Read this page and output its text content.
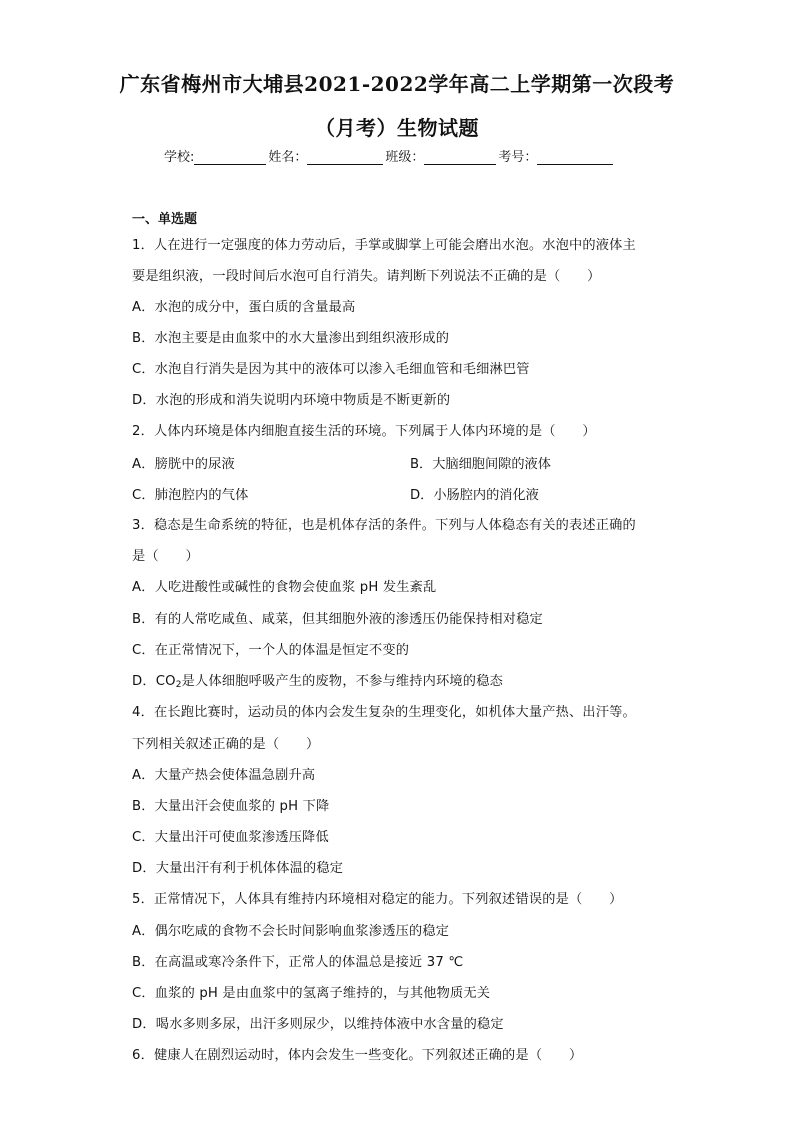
广东省梅州市大埔县2021-2022学年高二上学期第一次段考
（月考）生物试题
学校:	姓名：	班级：	考号：
一、单选题
1．人在进行一定强度的体力劳动后，手掌或脚掌上可能会磨出水泡。水泡中的液体主
要是组织液，一段时间后水泡可自行消失。请判断下列说法不正确的是（　　）
A．水泡的成分中，蛋白质的含量最高
B．水泡主要是由血浆中的水大量渗出到组织液形成的
C．水泡自行消失是因为其中的液体可以渗入毛细血管和毛细淋巴管
D．水泡的形成和消失说明内环境中物质是不断更新的
2．人体内环境是体内细胞直接生活的环境。下列属于人体内环境的是（　　）
A．膀胱中的尿液	B．大脑细胞间隙的液体
C．肺泡腔内的气体	D．小肠腔内的消化液
3．稳态是生命系统的特征，也是机体存活的条件。下列与人体稳态有关的表述正确的
是（　　）
A．人吃进酸性或碱性的食物会使血浆 pH 发生紊乱
B．有的人常吃咸鱼、咸菜，但其细胞外液的渗透压仍能保持相对稳定
C．在正常情况下，一个人的体温是恒定不变的
D．$CO_2$是人体细胞呼吸产生的废物，不参与维持内环境的稳态
4．在长跑比赛时，运动员的体内会发生复杂的生理变化，如机体大量产热、出汗等。
下列相关叙述正确的是（　　）
A．大量产热会使体温急剧升高
B．大量出汗会使血浆的 pH 下降
C．大量出汗可使血浆渗透压降低
D．大量出汗有利于机体体温的稳定
5．正常情况下，人体具有维持内环境相对稳定的能力。下列叙述错误的是（　　）
A．偶尔吃咸的食物不会长时间影响血浆渗透压的稳定
B．在高温或寒冷条件下，正常人的体温总是接近 37 ℃
C．血浆的 pH 是由血浆中的氢离子维持的，与其他物质无关
D．喝水多则多尿，出汗多则尿少，以维持体液中水含量的稳定
6．健康人在剧烈运动时，体内会发生一些变化。下列叙述正确的是（　　）
